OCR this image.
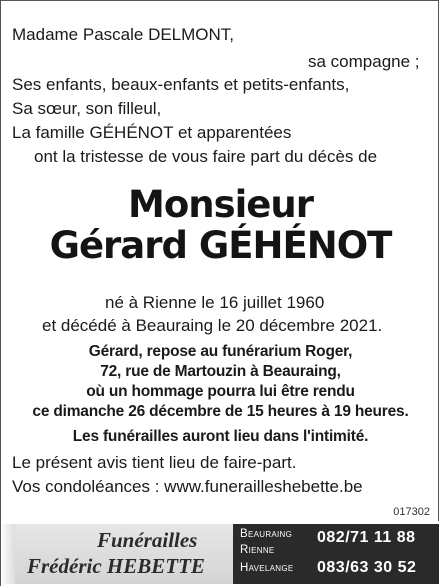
Madame Pascale DELMONT,
sa compagne ;
Ses enfants, beaux-enfants et petits-enfants,
Sa sœur, son filleul,
La famille GÉHÉNOT et apparentées
ont la tristesse de vous faire part du décès de
Monsieur
Gérard GÉHÉNOT
né à Rienne le 16 juillet 1960
et décédé à Beauraing le 20 décembre 2021.
Gérard, repose au funérarium Roger,
72, rue de Martouzin à Beauraing,
où un hommage pourra lui être rendu
ce dimanche 26 décembre de 15 heures à 19 heures.
Les funérailles auront lieu dans l'intimité.
Le présent avis tient lieu de faire-part.
Vos condoléances : www.funerailleshebette.be
017302
Funérailles
Frédéric HEBETTE
Beauraing 082/71 11 88
Rienne
Havelange 083/63 30 52
